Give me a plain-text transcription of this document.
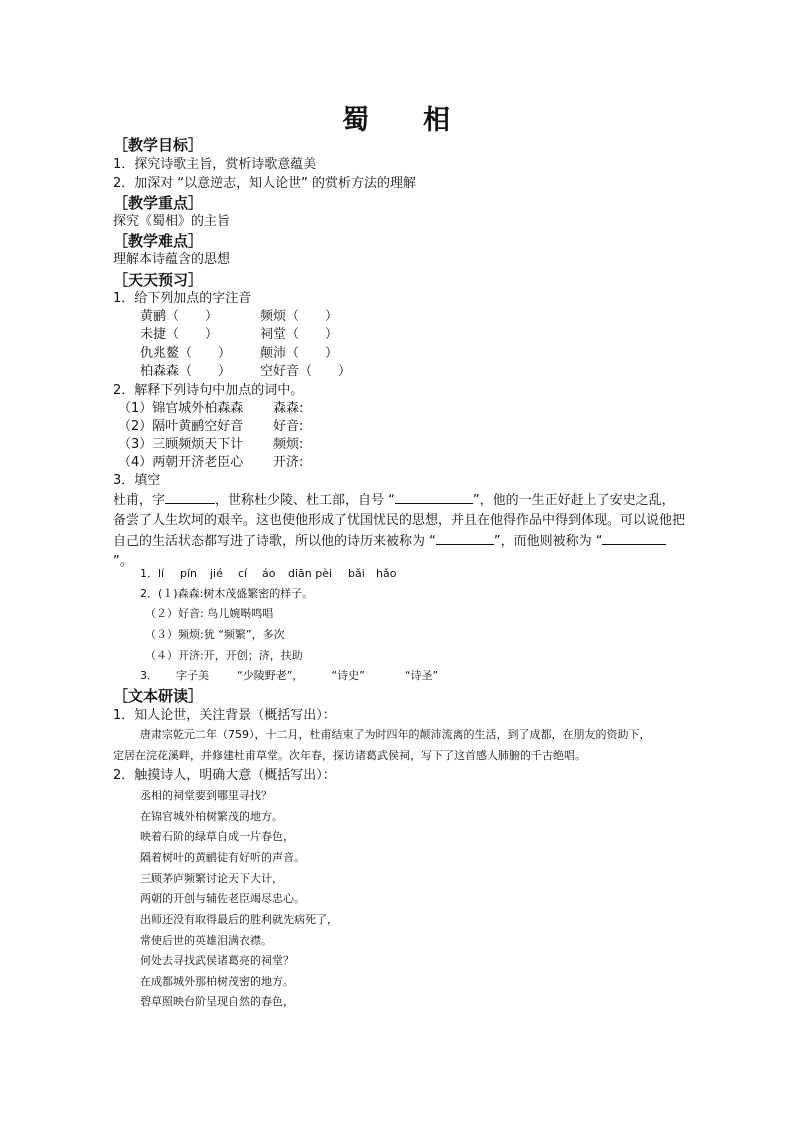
蜀 相
［教学目标］
1．探究诗歌主旨，赏析诗歌意蕴美
2．加深对 “以意逆志，知人论世” 的赏析方法的理解
［教学重点］
探究《蜀相》的主旨
［教学难点］
理解本诗蕴含的思想
［天天预习］
1．给下列加点的字注音
黄鹂（　　）	频烦（　　）
未捷（　　）	祠堂（　　）
仇兆鳌（　　） 颠沛（　　）
柏森森（　　） 空好音（　　）
2．解释下列诗句中加点的词中。
（1）锦官城外柏森森 森森:
（2）隔叶黄鹂空好音 好音:
（3）三顾频烦天下计 频烦:
（4）两朝开济老臣心 开济:
3．填空
杜甫，字	，世称杜少陵、杜工部，自号 “	”，他的一生正好赶上了安史之乱，备尝了人生坎坷的艰辛。这也使他形成了忧国忧民的思想，并且在他得作品中得到体现。可以说他把自己的生活状态都写进了诗歌，所以他的诗历来被称为 “	”，而他则被称为 “”。
1．lí pín jié cí áo diān pèi bǎi hǎo
2．(１)森森:树木茂盛繁密的样子。
（２）好音: 鸟儿婉啭鸣唱
（３）频烦:犹 “频繁”，多次
（４）开济:开，开创；济，扶助
3． 字子美	“少陵野老”，	“诗史”	“诗圣”
［文本研读］
1．知人论世，关注背景（概括写出）：
唐肃宗乾元二年（759），十二月，杜甫结束了为时四年的颠沛流离的生活，到了成都，在朋友的资助下，
定居在浣花溪畔，并修建杜甫草堂。次年春，探访诸葛武侯祠，写下了这首感人肺腑的千古绝唱。
2．触摸诗人，明确大意（概括写出）：
丞相的祠堂要到哪里寻找？
在锦官城外柏树繁茂的地方。
映着石阶的绿草自成一片春色，
隔着树叶的黄鹂徒有好听的声音。
三顾茅庐频繁讨论天下大计，
两朝的开创与辅佐老臣竭尽忠心。
出师还没有取得最后的胜利就先病死了，
常使后世的英雄泪满衣襟。
何处去寻找武侯诸葛亮的祠堂？
在成都城外那柏树茂密的地方。
碧草照映台阶呈现自然的春色，
